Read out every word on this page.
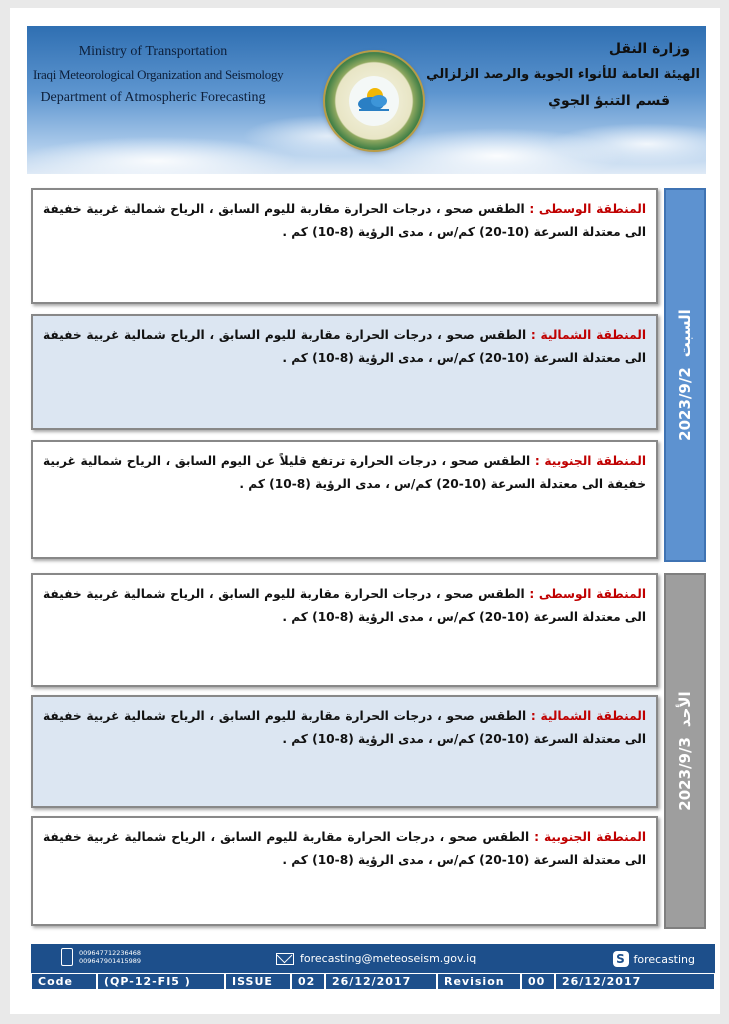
Ministry of Transportation
Iraqi Meteorological Organization and Seismology
Department of Atmospheric Forecasting
وزارة النقل
الهيئة العامة للأنواء الجوية والرصد الزلزالي
قسم التنبؤ الجوي

المنطقة الوسطى : الطقس صحو ، درجات الحرارة مقاربة لليوم السابق ، الرياح شمالية غربية خفيفة الى معتدلة السرعة (10-20) كم/س ، مدى الرؤية (8-10) كم .

المنطقة الشمالية : الطقس صحو ، درجات الحرارة مقاربة لليوم السابق ، الرياح شمالية غربية خفيفة الى معتدلة السرعة (10-20) كم/س ، مدى الرؤية (8-10) كم .

المنطقة الجنوبية : الطقس صحو ، درجات الحرارة ترتفع قليلاً عن اليوم السابق ، الرياح شمالية غربية خفيفة الى معتدلة السرعة (10-20) كم/س ، مدى الرؤية (8-10) كم .

2023/9/2
السبت

المنطقة الوسطى : الطقس صحو ، درجات الحرارة مقاربة لليوم السابق ، الرياح شمالية غربية خفيفة الى معتدلة السرعة (10-20) كم/س ، مدى الرؤية (8-10) كم .

المنطقة الشمالية : الطقس صحو ، درجات الحرارة مقاربة لليوم السابق ، الرياح شمالية غربية خفيفة الى معتدلة السرعة (10-20) كم/س ، مدى الرؤية (8-10) كم .

المنطقة الجنوبية : الطقس صحو ، درجات الحرارة مقاربة لليوم السابق ، الرياح شمالية غربية خفيفة الى معتدلة السرعة (10-20) كم/س ، مدى الرؤية (8-10) كم .

2023/9/3
الأحد
009647712236468
009647901415989	forecasting@meteoseism.gov.iq	S forecasting
Code	(QP-12-FI5 )	ISSUE	02	26/12/2017	Revision	00	26/12/2017
